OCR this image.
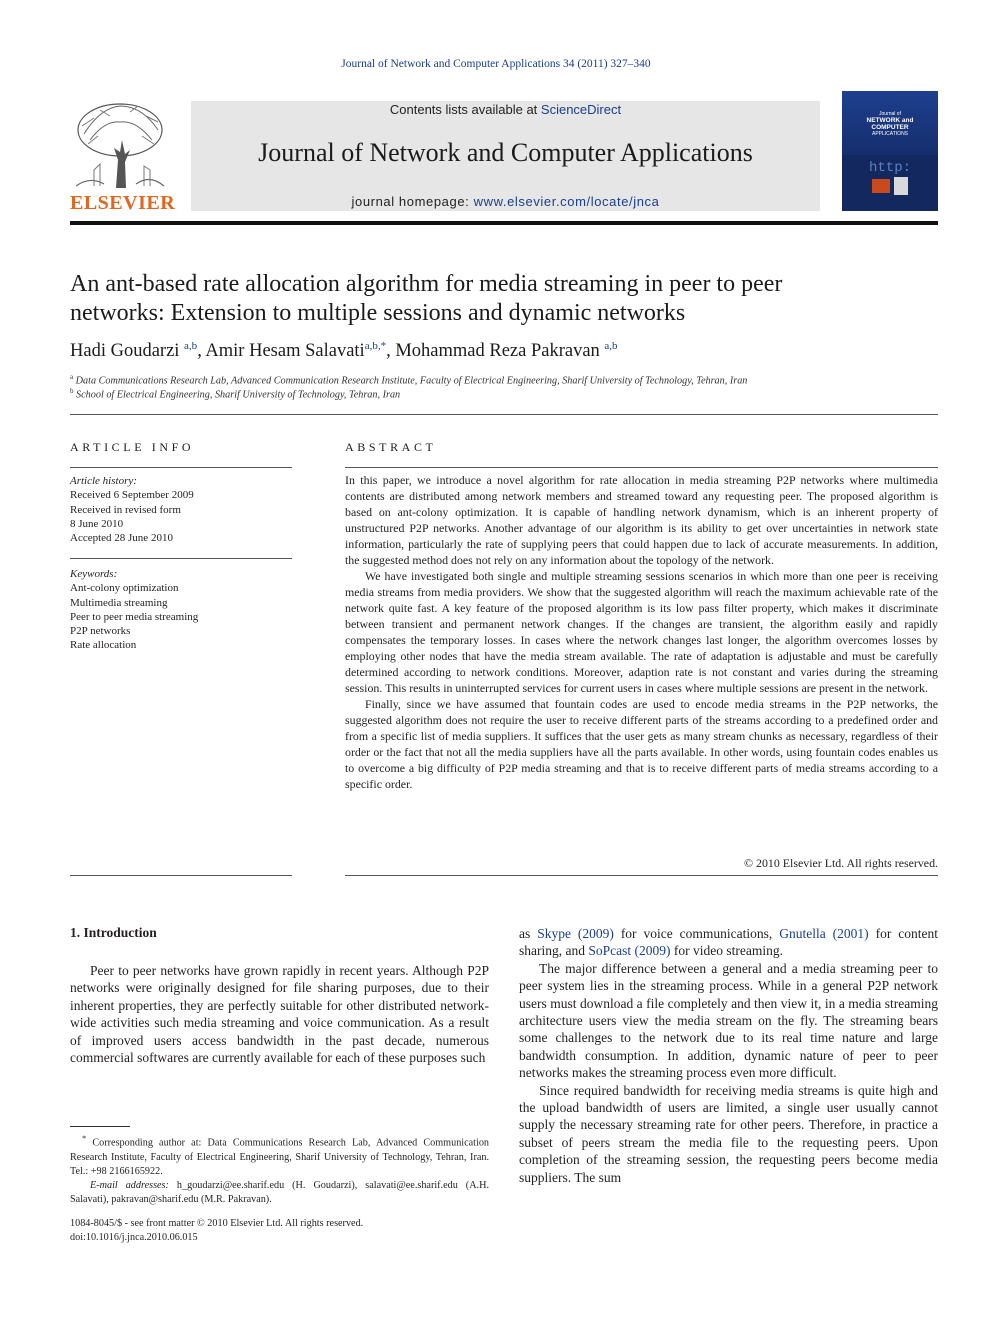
Journal of Network and Computer Applications 34 (2011) 327–340
ELSEVIER
Contents lists available at ScienceDirect
Journal of Network and Computer Applications
journal homepage: www.elsevier.com/locate/jnca
http:
Journal of
NETWORK and
COMPUTER
APPLICATIONS
An ant-based rate allocation algorithm for media streaming in peer to peer
networks: Extension to multiple sessions and dynamic networks
Hadi Goudarzi $^{a,b}$, Amir Hesam Salavati$^{a,b,*}$, Mohammad Reza Pakravan $^{a,b}$
$^a$ Data Communications Research Lab, Advanced Communication Research Institute, Faculty of Electrical Engineering, Sharif University of Technology, Tehran, Iran
$^b$ School of Electrical Engineering, Sharif University of Technology, Tehran, Iran
ARTICLE INFO
Article history:
Received 6 September 2009
Received in revised form
8 June 2010
Accepted 28 June 2010
Keywords:
Ant-colony optimization
Multimedia streaming
Peer to peer media streaming
P2P networks
Rate allocation
ABSTRACT

In this paper, we introduce a novel algorithm for rate allocation in media streaming P2P networks where multimedia contents are distributed among network members and streamed toward any requesting peer. The proposed algorithm is based on ant-colony optimization. It is capable of handling network dynamism, which is an inherent property of unstructured P2P networks. Another advantage of our algorithm is its ability to get over uncertainties in network state information, particularly the rate of supplying peers that could happen due to lack of accurate measurements. In addition, the suggested method does not rely on any information about the topology of the network.

We have investigated both single and multiple streaming sessions scenarios in which more than one peer is receiving media streams from media providers. We show that the suggested algorithm will reach the maximum achievable rate of the network quite fast. A key feature of the proposed algorithm is its low pass filter property, which makes it discriminate between transient and permanent network changes. If the changes are transient, the algorithm easily and rapidly compensates the temporary losses. In cases where the network changes last longer, the algorithm overcomes losses by employing other nodes that have the media stream available. The rate of adaptation is adjustable and must be carefully determined according to network conditions. Moreover, adaption rate is not constant and varies during the streaming session. This results in uninterrupted services for current users in cases where multiple sessions are present in the network.

Finally, since we have assumed that fountain codes are used to encode media streams in the P2P networks, the suggested algorithm does not require the user to receive different parts of the streams according to a predefined order and from a specific list of media suppliers. It suffices that the user gets as many stream chunks as necessary, regardless of their order or the fact that not all the media suppliers have all the parts available. In other words, using fountain codes enables us to overcome a big difficulty of P2P media streaming and that is to receive different parts of media streams according to a specific order.

© 2010 Elsevier Ltd. All rights reserved.
1. Introduction

Peer to peer networks have grown rapidly in recent years. Although P2P networks were originally designed for file sharing purposes, due to their inherent properties, they are perfectly suitable for other distributed network-wide activities such media streaming and voice communication. As a result of improved users access bandwidth in the past decade, numerous commercial softwares are currently available for each of these purposes such

as Skype (2009) for voice communications, Gnutella (2001) for content sharing, and SoPcast (2009) for video streaming.

The major difference between a general and a media streaming peer to peer system lies in the streaming process. While in a general P2P network users must download a file completely and then view it, in a media streaming architecture users view the media stream on the fly. The streaming bears some challenges to the network due to its real time nature and large bandwidth consumption. In addition, dynamic nature of peer to peer networks makes the streaming process even more difficult.

Since required bandwidth for receiving media streams is quite high and the upload bandwidth of users are limited, a single user usually cannot supply the necessary streaming rate for other peers. Therefore, in practice a subset of peers stream the media file to the requesting peers. Upon completion of the streaming session, the requesting peers become media suppliers. The sum

* Corresponding author at: Data Communications Research Lab, Advanced Communication Research Institute, Faculty of Electrical Engineering, Sharif University of Technology, Tehran, Iran. Tel.: +98 2166165922.

E-mail addresses: h_goudarzi@ee.sharif.edu (H. Goudarzi), salavati@ee.sharif.edu (A.H. Salavati), pakravan@sharif.edu (M.R. Pakravan).

1084-8045/$ - see front matter © 2010 Elsevier Ltd. All rights reserved.
doi:10.1016/j.jnca.2010.06.015
